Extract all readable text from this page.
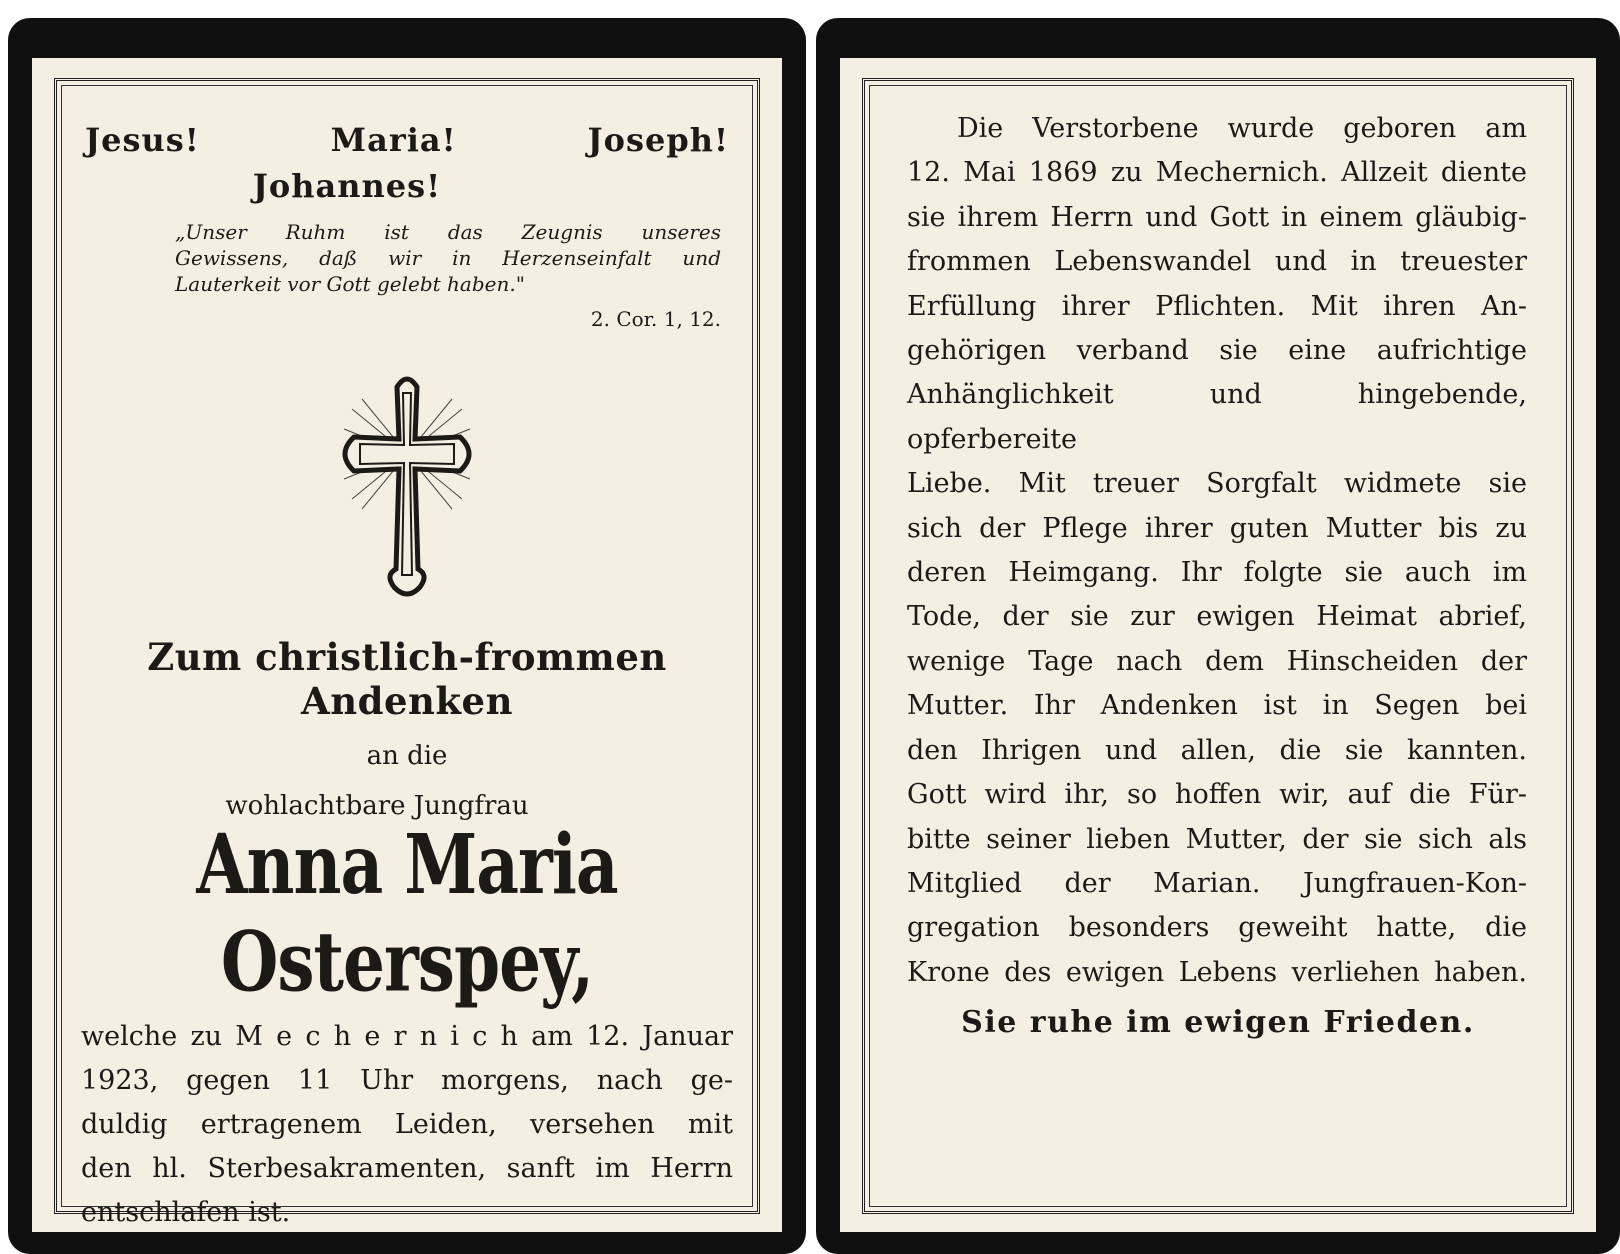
Jesus!	Maria!	Joseph!
Johannes!
„Unser Ruhm ist das Zeugnis unseres
Gewissens, daß wir in Herzenseinfalt und
Lauterkeit vor Gott gelebt haben."
2. Cor. 1, 12.
Zum christlich-frommen Andenken
an die
wohlachtbare Jungfrau
Anna Maria Osterspey,
welche zu M e c h e r n i c h am 12. Januar
1923, gegen 11 Uhr morgens, nach ge-
duldig ertragenem Leiden, versehen mit
den hl. Sterbesakramenten, sanft im Herrn
entschlafen ist.
Die Verstorbene wurde geboren am
12. Mai 1869 zu Mechernich. Allzeit diente
sie ihrem Herrn und Gott in einem gläubig-
frommen Lebenswandel und in treuester
Erfüllung ihrer Pflichten. Mit ihren An-
gehörigen verband sie eine aufrichtige
Anhänglichkeit und hingebende, opferbereite
Liebe. Mit treuer Sorgfalt widmete sie
sich der Pflege ihrer guten Mutter bis zu
deren Heimgang. Ihr folgte sie auch im
Tode, der sie zur ewigen Heimat abrief,
wenige Tage nach dem Hinscheiden der
Mutter. Ihr Andenken ist in Segen bei
den Ihrigen und allen, die sie kannten.
Gott wird ihr, so hoffen wir, auf die Für-
bitte seiner lieben Mutter, der sie sich als
Mitglied der Marian. Jungfrauen-Kon-
gregation besonders geweiht hatte, die
Krone des ewigen Lebens verliehen haben.
Sie ruhe im ewigen Frieden.
